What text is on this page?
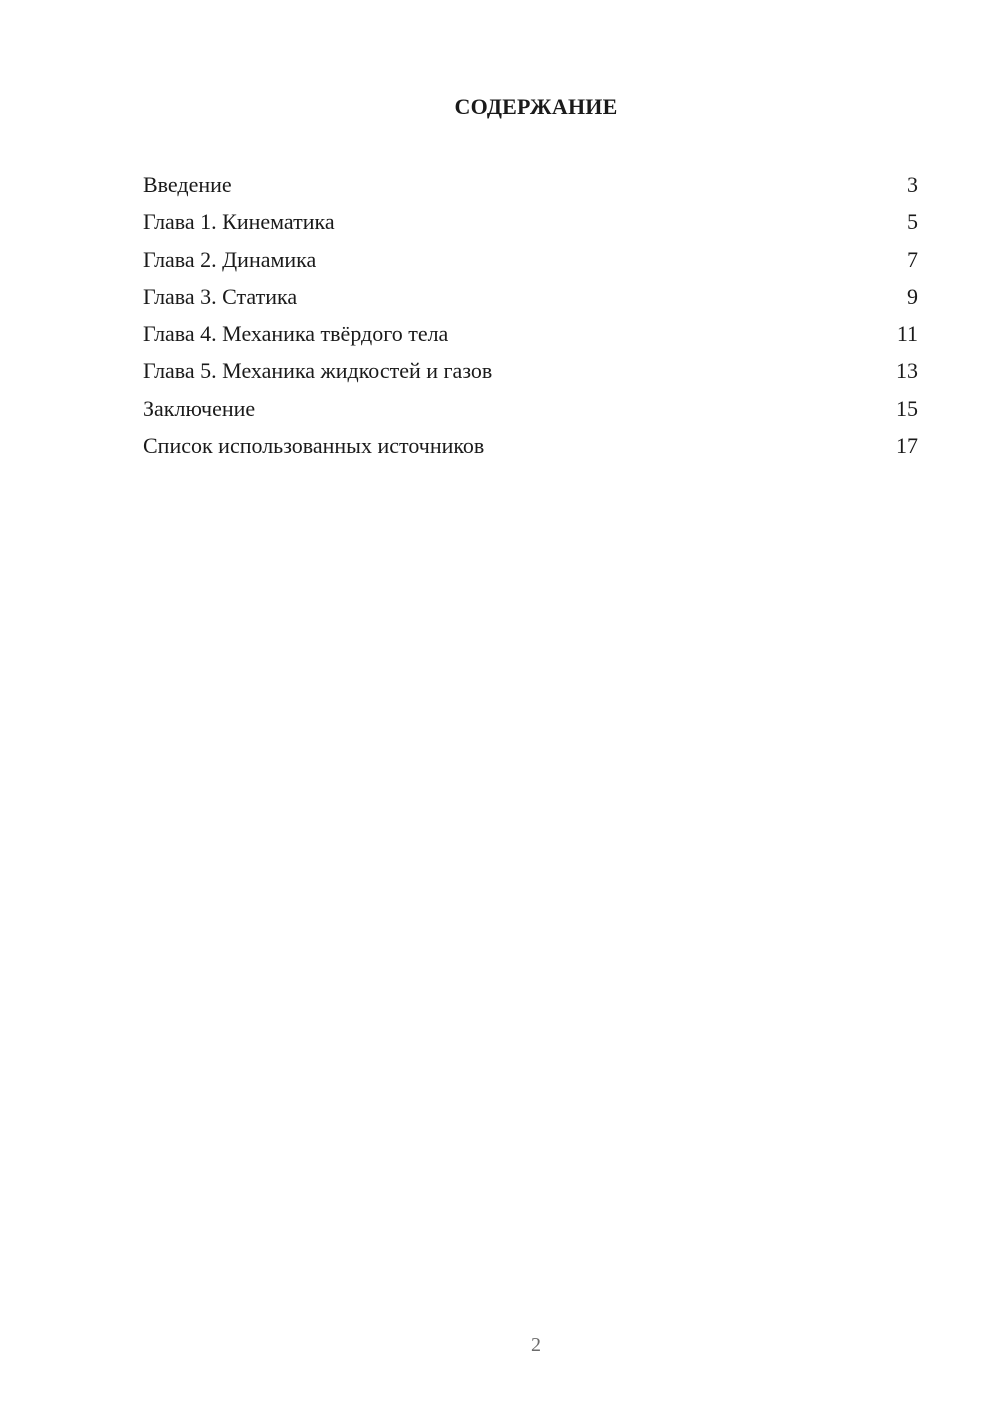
СОДЕРЖАНИЕ
Введение	3
Глава 1. Кинематика	5
Глава 2. Динамика	7
Глава 3. Статика	9
Глава 4. Механика твёрдого тела	11
Глава 5. Механика жидкостей и газов	13
Заключение	15
Список использованных источников	17
2
